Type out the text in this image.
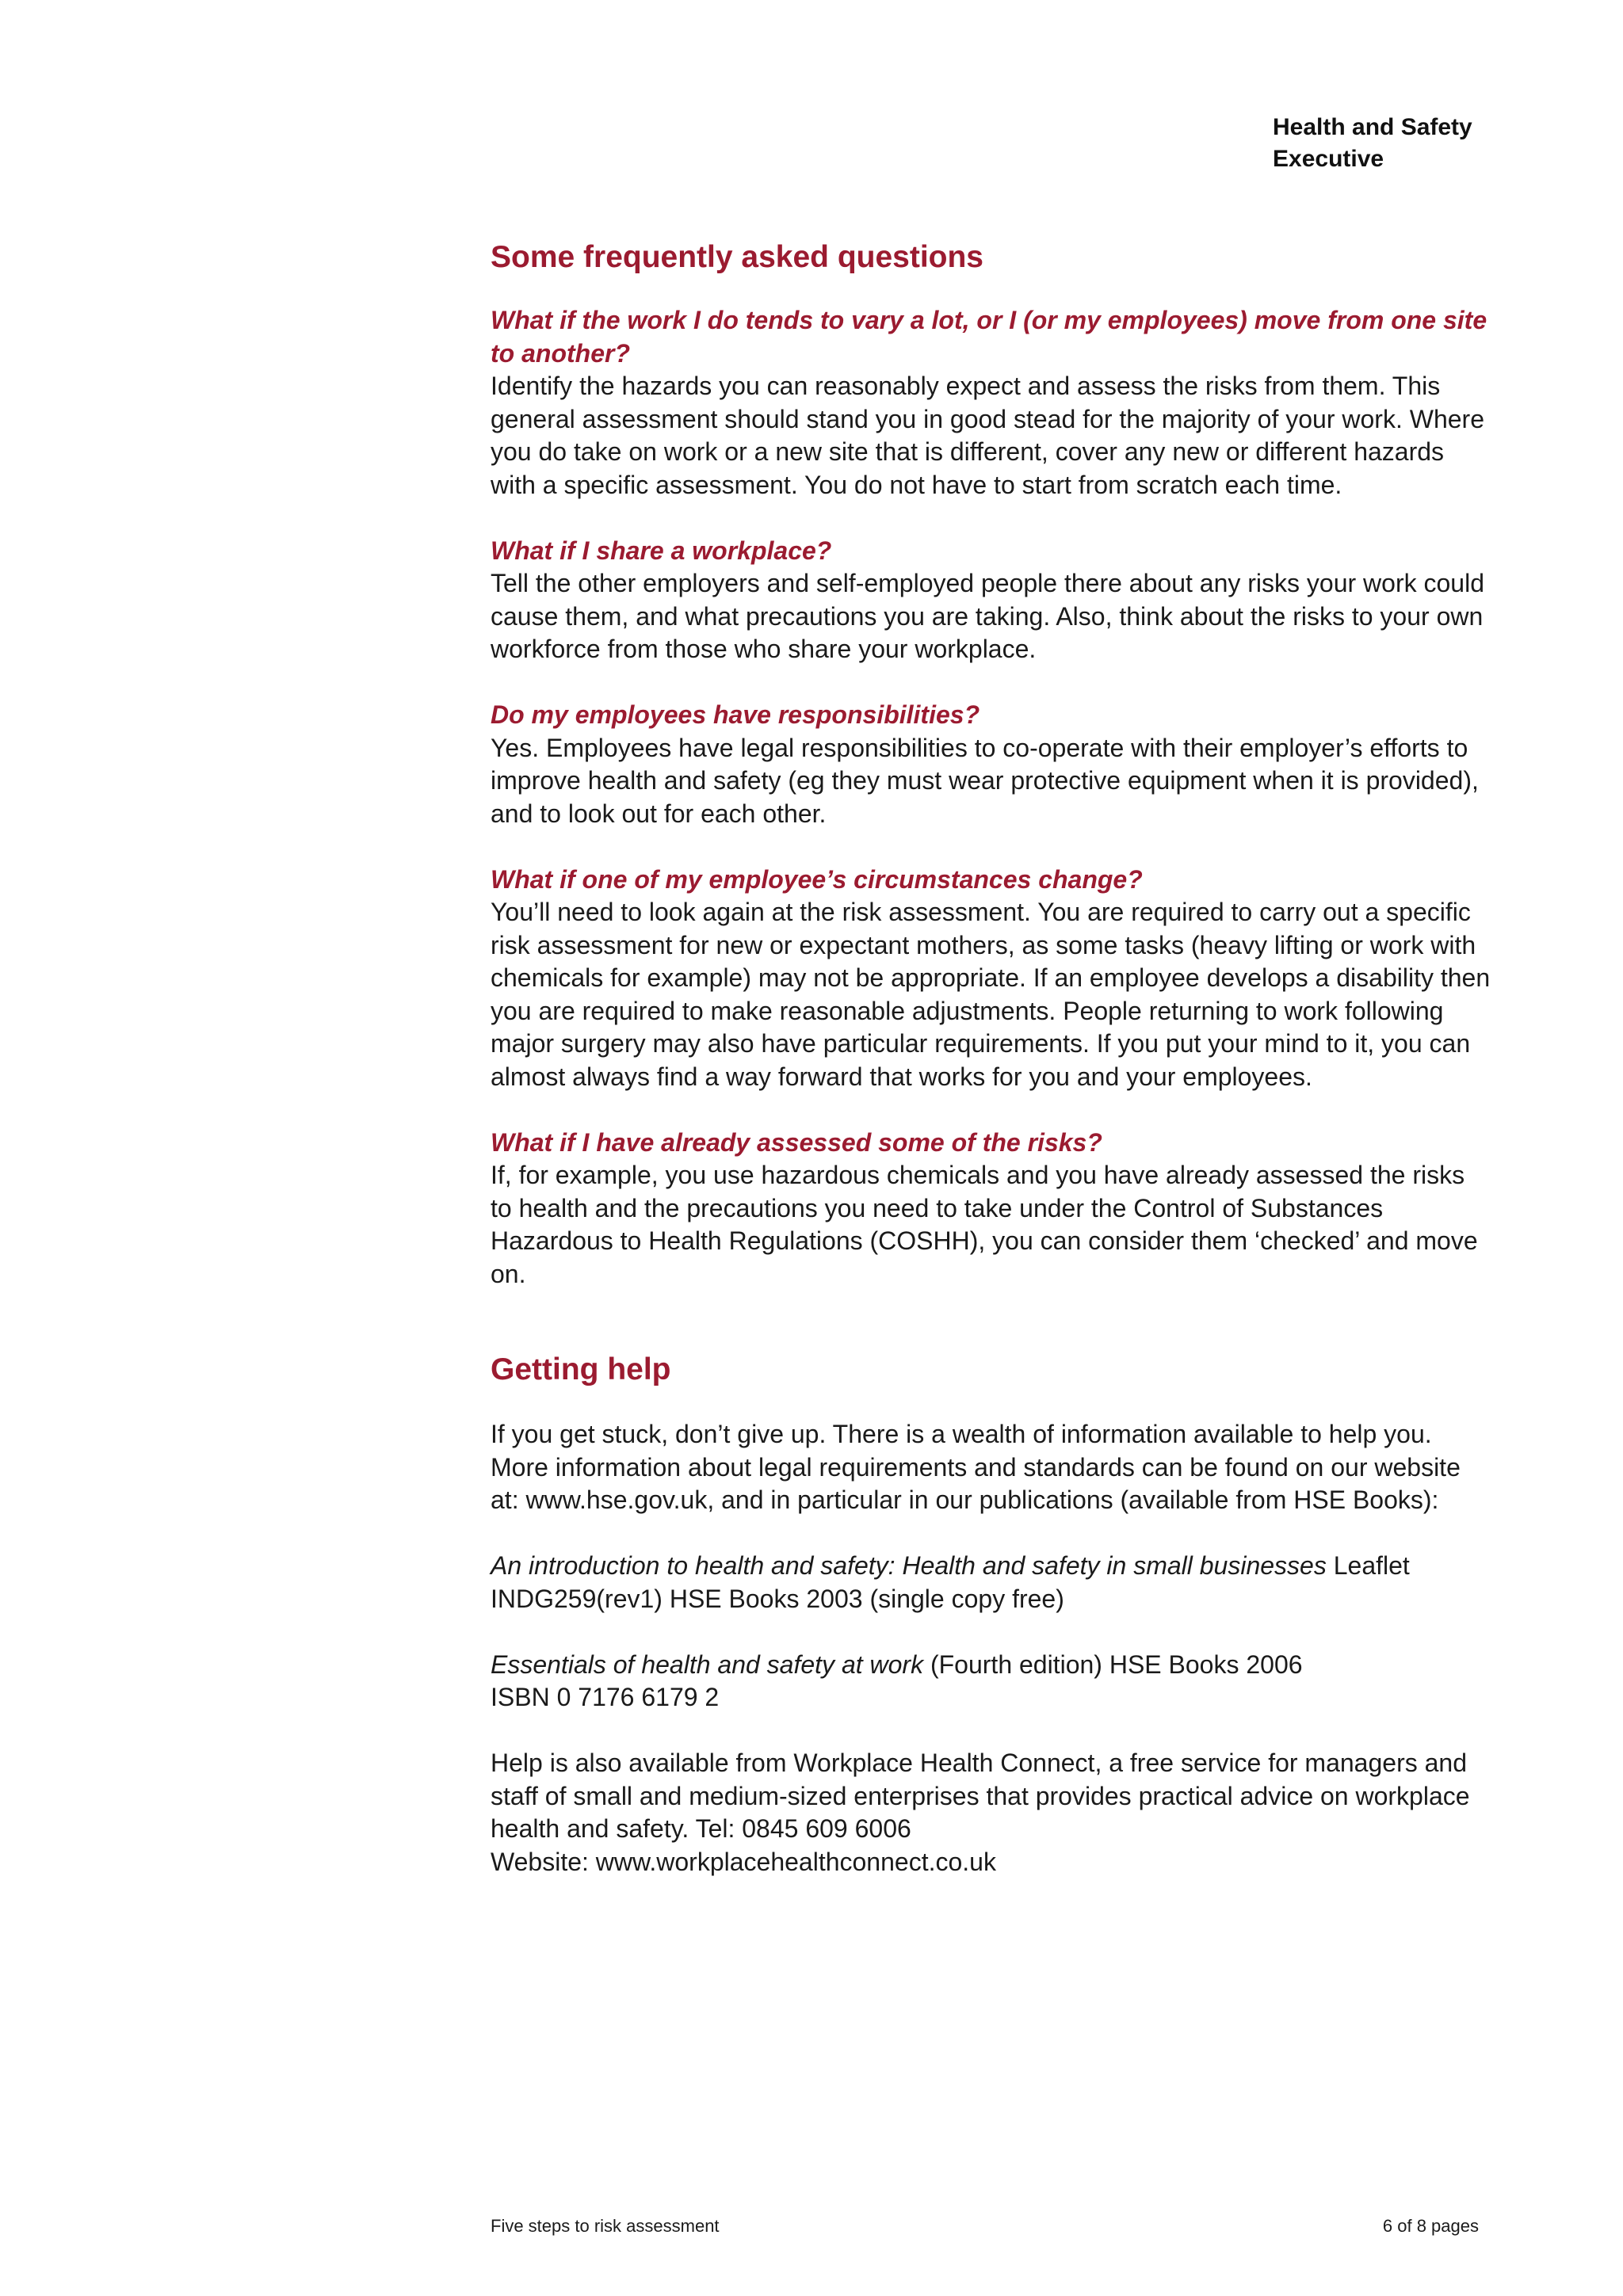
Health and Safety
Executive
Some frequently asked questions

What if the work I do tends to vary a lot, or I (or my employees) move from one site to another?

Identify the hazards you can reasonably expect and assess the risks from them. This general assessment should stand you in good stead for the majority of your work. Where you do take on work or a new site that is different, cover any new or different hazards with a specific assessment. You do not have to start from scratch each time.

What if I share a workplace?

Tell the other employers and self-employed people there about any risks your work could cause them, and what precautions you are taking. Also, think about the risks to your own workforce from those who share your workplace.

Do my employees have responsibilities?

Yes. Employees have legal responsibilities to co-operate with their employer’s efforts to improve health and safety (eg they must wear protective equipment when it is provided), and to look out for each other.

What if one of my employee’s circumstances change?

You’ll need to look again at the risk assessment. You are required to carry out a specific risk assessment for new or expectant mothers, as some tasks (heavy lifting or work with chemicals for example) may not be appropriate. If an employee develops a disability then you are required to make reasonable adjustments. People returning to work following major surgery may also have particular requirements. If you put your mind to it, you can almost always find a way forward that works for you and your employees.

What if I have already assessed some of the risks?

If, for example, you use hazardous chemicals and you have already assessed the risks to health and the precautions you need to take under the Control of Substances Hazardous to Health Regulations (COSHH), you can consider them ‘checked’ and move on.

Getting help

If you get stuck, don’t give up. There is a wealth of information available to help you. More information about legal requirements and standards can be found on our website at: www.hse.gov.uk, and in particular in our publications (available from HSE Books):

An introduction to health and safety: Health and safety in small businesses Leaflet INDG259(rev1) HSE Books 2003 (single copy free)

Essentials of health and safety at work (Fourth edition) HSE Books 2006
ISBN 0 7176 6179 2

Help is also available from Workplace Health Connect, a free service for managers and staff of small and medium-sized enterprises that provides practical advice on workplace health and safety. Tel: 0845 609 6006
Website: www.workplacehealthconnect.co.uk

Five steps to risk assessment	6 of 8 pages
